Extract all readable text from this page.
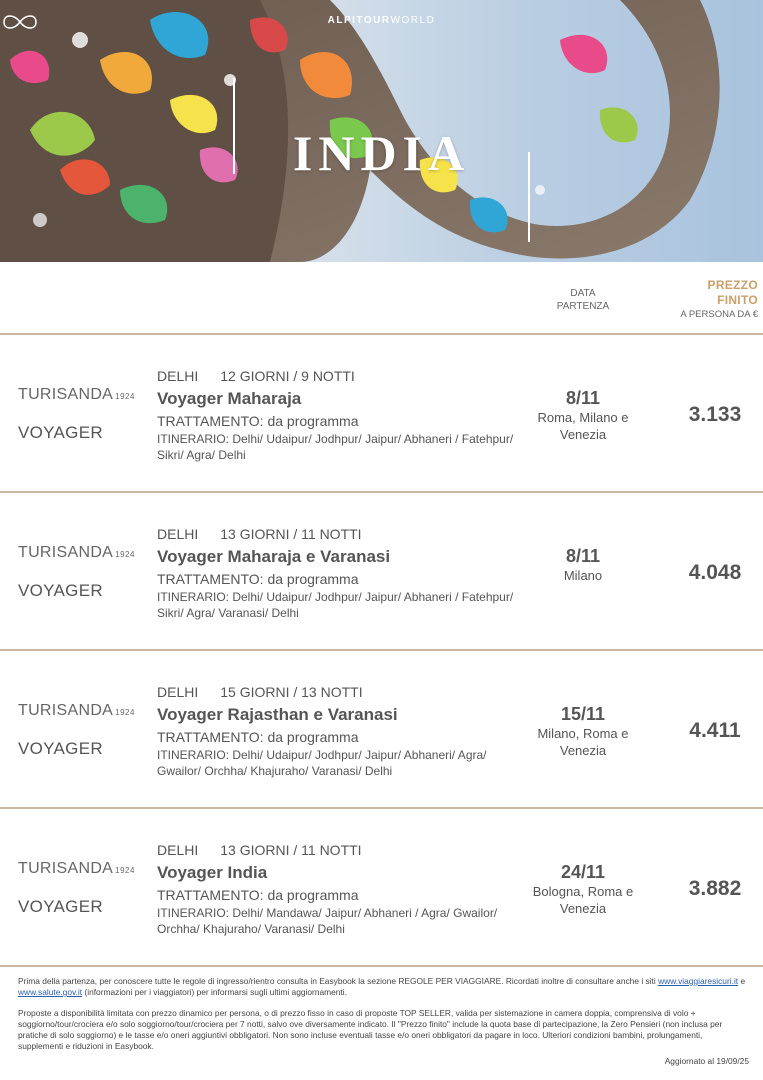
ALPITOURWORLD
INDIA
DATA
PARTENZA
PREZZO
FINITO
A PERSONA DA €
TURISANDA 1924
VOYAGER
DELHI 12 GIORNI / 9 NOTTI
Voyager Maharaja
TRATTAMENTO: da programma
ITINERARIO: Delhi/ Udaipur/ Jodhpur/ Jaipur/ Abhaneri / Fatehpur/ Sikri/ Agra/ Delhi
8/11
Roma, Milano e Venezia
3.133
TURISANDA 1924
VOYAGER
DELHI 13 GIORNI / 11 NOTTI
Voyager Maharaja e Varanasi
TRATTAMENTO: da programma
ITINERARIO: Delhi/ Udaipur/ Jodhpur/ Jaipur/ Abhaneri / Fatehpur/ Sikri/ Agra/ Varanasi/ Delhi
8/11
Milano	4.048
TURISANDA 1924
VOYAGER
DELHI 15 GIORNI / 13 NOTTI
Voyager Rajasthan e Varanasi
TRATTAMENTO: da programma
ITINERARIO: Delhi/ Udaipur/ Jodhpur/ Jaipur/ Abhaneri/ Agra/ Gwailor/ Orchha/ Khajuraho/ Varanasi/ Delhi
15/11
Milano, Roma e Venezia
4.411
TURISANDA 1924
VOYAGER
DELHI 13 GIORNI / 11 NOTTI
Voyager India
TRATTAMENTO: da programma
ITINERARIO: Delhi/ Mandawa/ Jaipur/ Abhaneri / Agra/ Gwailor/ Orchha/ Khajuraho/ Varanasi/ Delhi
24/11
Bologna, Roma e Venezia
3.882
Prima della partenza, per conoscere tutte le regole di ingresso/rientro consulta in Easybook la sezione REGOLE PER VIAGGIARE. Ricordati inoltre di consultare anche i siti www.viaggiaresicuri.it e www.salute.gov.it (informazioni per i viaggiatori) per informarsi sugli ultimi aggiornamenti.
Proposte a disponibilità limitata con prezzo dinamico per persona, o di prezzo fisso in caso di proposte TOP SELLER, valida per sistemazione in camera doppia, comprensiva di volo + soggiorno/tour/crociera e/o solo soggiorno/tour/crociera per 7 notti, salvo ove diversamente indicato. Il "Prezzo finito" include la quota base di partecipazione, la Zero Pensieri (non inclusa per pratiche di solo soggiorno) e le tasse e/o oneri aggiuntivi obbligatori. Non sono incluse eventuali tasse e/o oneri obbligatori da pagare in loco. Ulteriori condizioni bambini, prolungamenti, supplementi e riduzioni in Easybook.
Aggiornato al 19/09/25
